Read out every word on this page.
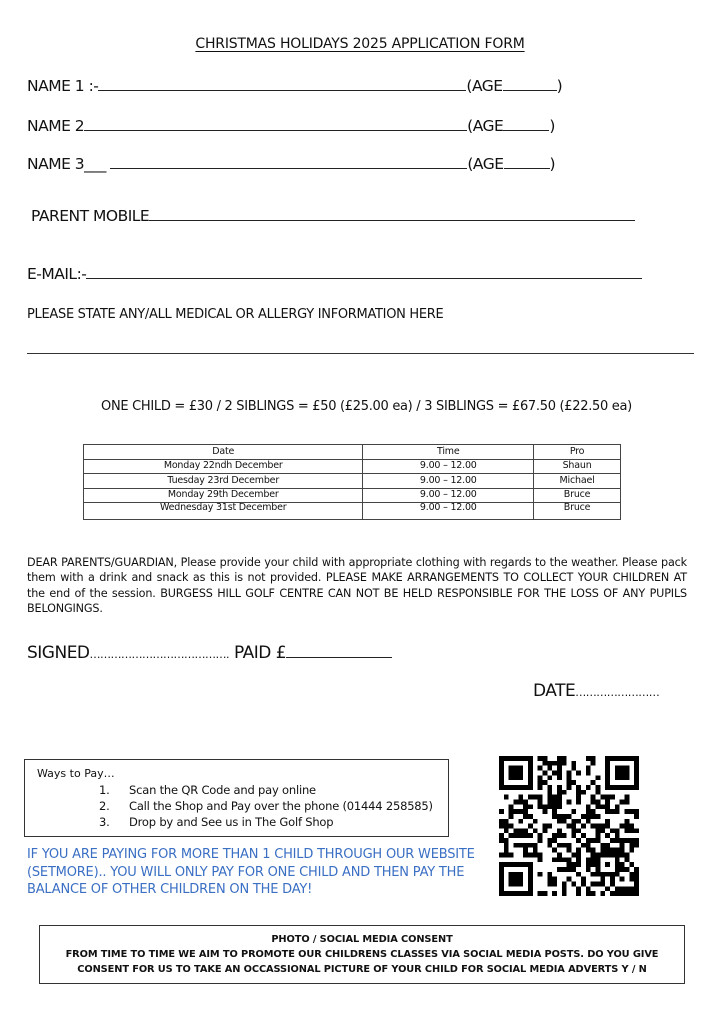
CHRISTMAS HOLIDAYS 2025 APPLICATION FORM
NAME 1 :-	(AGE	)
NAME 2	(AGE	)
NAME 3___	(AGE	)
PARENT MOBILE
E-MAIL:-
PLEASE STATE ANY/ALL MEDICAL OR ALLERGY INFORMATION HERE
ONE CHILD = £30 / 2 SIBLINGS = £50 (£25.00 ea) / 3 SIBLINGS = £67.50 (£22.50 ea)
Date	Time	Pro
Monday 22ndh December	9.00 – 12.00	Shaun
Tuesday 23rd December	9.00 – 12.00	Michael
Monday 29th December	9.00 – 12.00	Bruce
Wednesday 31st December	9.00 – 12.00	Bruce
DEAR PARENTS/GUARDIAN, Please provide your child with appropriate clothing with regards to the weather. Please pack them with a drink and snack as this is not provided. PLEASE MAKE ARRANGEMENTS TO COLLECT YOUR CHILDREN AT the end of the session. BURGESS HILL GOLF CENTRE CAN NOT BE HELD RESPONSIBLE FOR THE LOSS OF ANY PUPILS BELONGINGS.
SIGNED…………………………………. PAID £
DATE……………………
Ways to Pay…
1. Scan the QR Code and pay online
2. Call the Shop and Pay over the phone (01444 258585)
3. Drop by and See us in The Golf Shop
IF YOU ARE PAYING FOR MORE THAN 1 CHILD THROUGH OUR WEBSITE (SETMORE).. YOU WILL ONLY PAY FOR ONE CHILD AND THEN PAY THE BALANCE OF OTHER CHILDREN ON THE DAY!
PHOTO / SOCIAL MEDIA CONSENT
FROM TIME TO TIME WE AIM TO PROMOTE OUR CHILDRENS CLASSES VIA SOCIAL MEDIA POSTS. DO YOU GIVE
CONSENT FOR US TO TAKE AN OCCASSIONAL PICTURE OF YOUR CHILD FOR SOCIAL MEDIA ADVERTS Y / N
